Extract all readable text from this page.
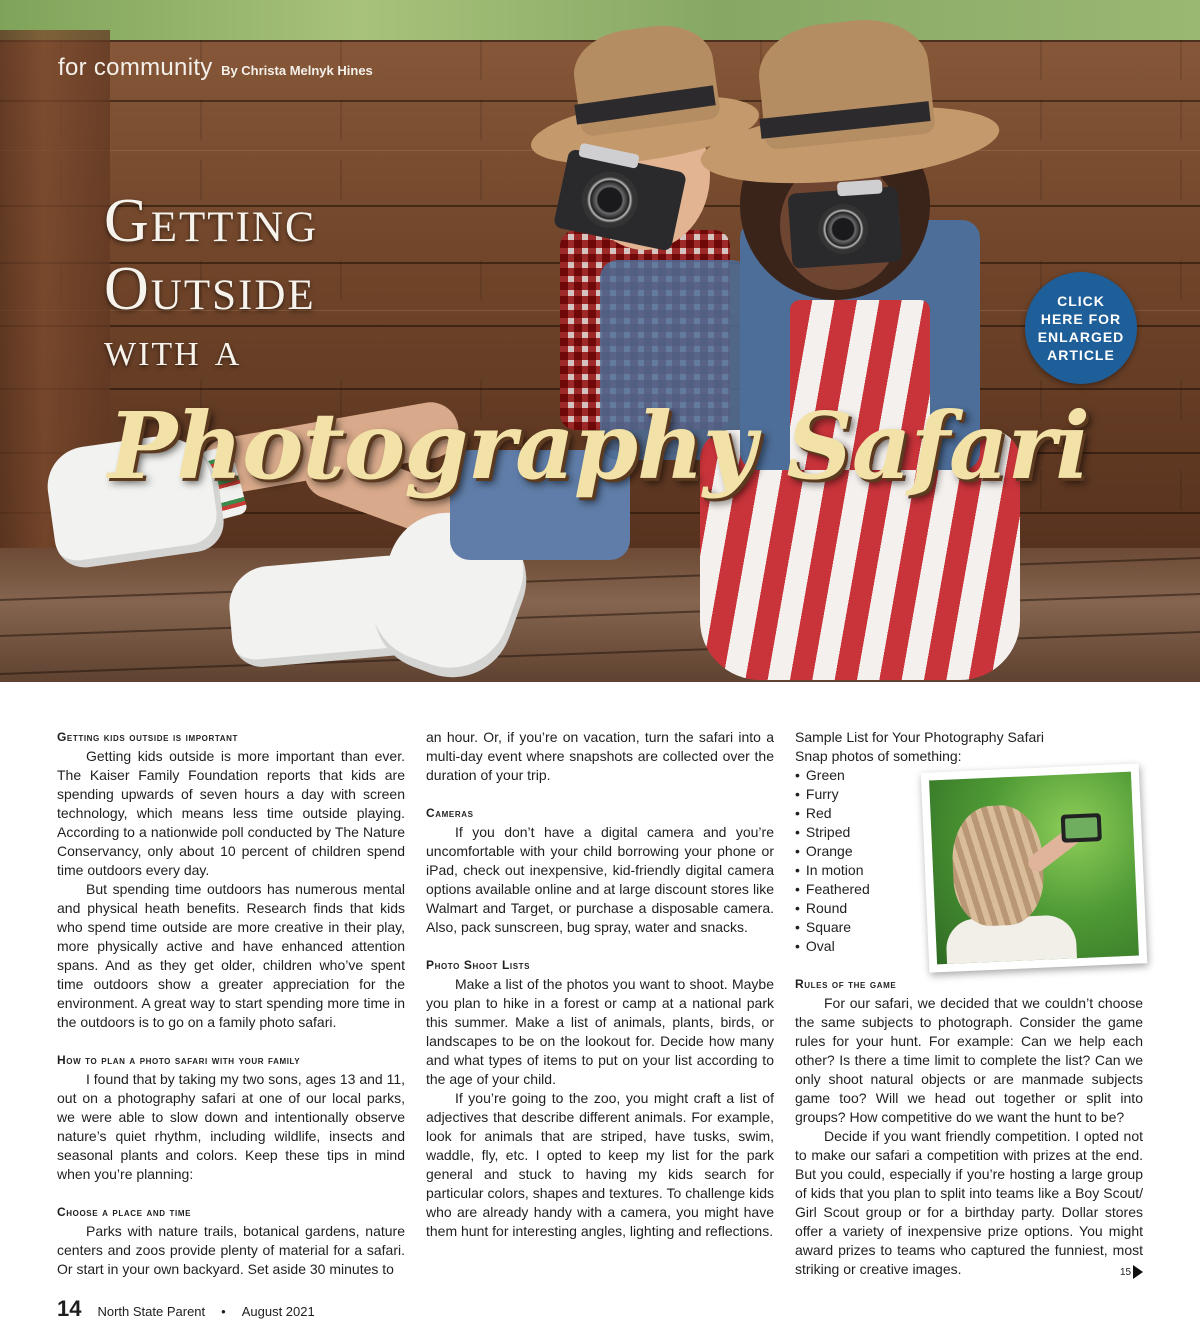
for community By Christa Melnyk Hines
Getting
Outside
with a
Photography Safari
CLICK
HERE FOR
ENLARGED
ARTICLE
Getting kids outside is important

Getting kids outside is more important than ever. The Kaiser Family Foundation reports that kids are spending upwards of seven hours a day with screen technology, which means less time outside playing. According to a nationwide poll conducted by The Nature Conservancy, only about 10 percent of children spend time outdoors every day.

But spending time outdoors has numerous mental and physical heath benefits. Research finds that kids who spend time outside are more creative in their play, more physically active and have enhanced attention spans. And as they get older, children who’ve spent time outdoors show a greater appreciation for the environment. A great way to start spending more time in the outdoors is to go on a family photo safari.

How to plan a photo safari with your family

I found that by taking my two sons, ages 13 and 11, out on a photography safari at one of our local parks, we were able to slow down and intentionally observe nature’s quiet rhythm, including wildlife, insects and seasonal plants and colors. Keep these tips in mind when you’re planning:

Choose a place and time

Parks with nature trails, botanical gardens, nature centers and zoos provide plenty of material for a safari. Or start in your own backyard. Set aside 30 minutes to

an hour. Or, if you’re on vacation, turn the safari into a multi-day event where snapshots are collected over the duration of your trip.

Cameras

If you don’t have a digital camera and you’re uncomfortable with your child borrowing your phone or iPad, check out inexpensive, kid-friendly digital camera options available online and at large discount stores like Walmart and Target, or purchase a disposable camera. Also, pack sunscreen, bug spray, water and snacks.

Photo Shoot Lists

Make a list of the photos you want to shoot. Maybe you plan to hike in a forest or camp at a national park this summer. Make a list of animals, plants, birds, or landscapes to be on the lookout for. Decide how many and what types of items to put on your list according to the age of your child.

If you’re going to the zoo, you might craft a list of adjectives that describe different animals. For example, look for animals that are striped, have tusks, swim, waddle, fly, etc. I opted to keep my list for the park general and stuck to having my kids search for particular colors, shapes and textures. To challenge kids who are already handy with a camera, you might have them hunt for interesting angles, lighting and reflections.

Sample List for Your Photography Safari
Snap photos of something:
• Green
• Furry
• Red
• Striped
• Orange
• In motion
• Feathered
• Round
• Square
• Oval
Rules of the game

For our safari, we decided that we couldn’t choose the same subjects to photograph. Consider the game rules for your hunt. For example: Can we help each other? Is there a time limit to complete the list? Can we only shoot natural objects or are manmade subjects game too? Will we head out together or split into groups? How competitive do we want the hunt to be?

Decide if you want friendly competition. I opted not to make our safari a competition with prizes at the end. But you could, especially if you’re hosting a large group of kids that you plan to split into teams like a Boy Scout/ Girl Scout group or for a birthday party. Dollar stores offer a variety of inexpensive prize options. You might award prizes to teams who captured the funniest, most striking or creative images.	15
14 North State Parent • August 2021
